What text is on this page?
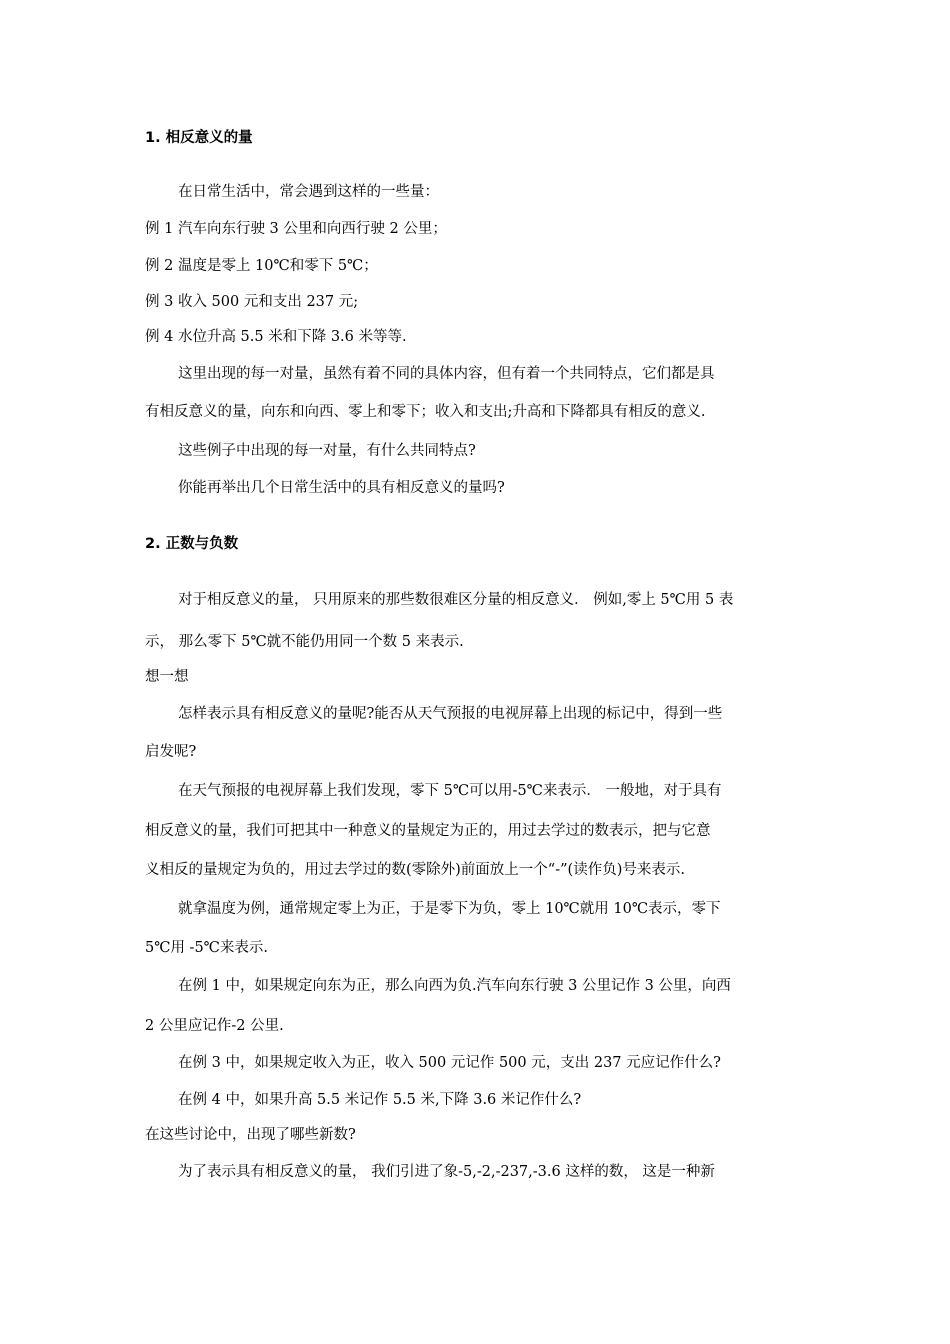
1. 相反意义的量
在日常生活中，常会遇到这样的一些量：
例 1 汽车向东行驶 3 公里和向西行驶 2 公里；
例 2 温度是零上 10℃和零下 5℃；
例 3 收入 500 元和支出 237 元;
例 4 水位升高 5.5 米和下降 3.6 米等等.
这里出现的每一对量，虽然有着不同的具体内容，但有着一个共同特点，它们都是具
有相反意义的量，向东和向西、零上和零下；收入和支出;升高和下降都具有相反的意义.
这些例子中出现的每一对量，有什么共同特点?
你能再举出几个日常生活中的具有相反意义的量吗?
2. 正数与负数
对于相反意义的量， 只用原来的那些数很难区分量的相反意义． 例如,零上 5℃用 5 表
示， 那么零下 5℃就不能仍用同一个数 5 来表示.
想一想
怎样表示具有相反意义的量呢?能否从天气预报的电视屏幕上出现的标记中，得到一些
启发呢?
在天气预报的电视屏幕上我们发现，零下 5℃可以用-5℃来表示． 一般地，对于具有
相反意义的量，我们可把其中一种意义的量规定为正的，用过去学过的数表示，把与它意
义相反的量规定为负的，用过去学过的数(零除外)前面放上一个“-”(读作负)号来表示.
就拿温度为例，通常规定零上为正，于是零下为负，零上 10℃就用 10℃表示，零下
5℃用 -5℃来表示.
在例 1 中，如果规定向东为正，那么向西为负.汽车向东行驶 3 公里记作 3 公里，向西
2 公里应记作-2 公里.
在例 3 中，如果规定收入为正，收入 500 元记作 500 元，支出 237 元应记作什么?
在例 4 中，如果升高 5.5 米记作 5.5 米,下降 3.6 米记作什么?
在这些讨论中，出现了哪些新数?
为了表示具有相反意义的量， 我们引进了象-5,-2,-237,-3.6 这样的数， 这是一种新
